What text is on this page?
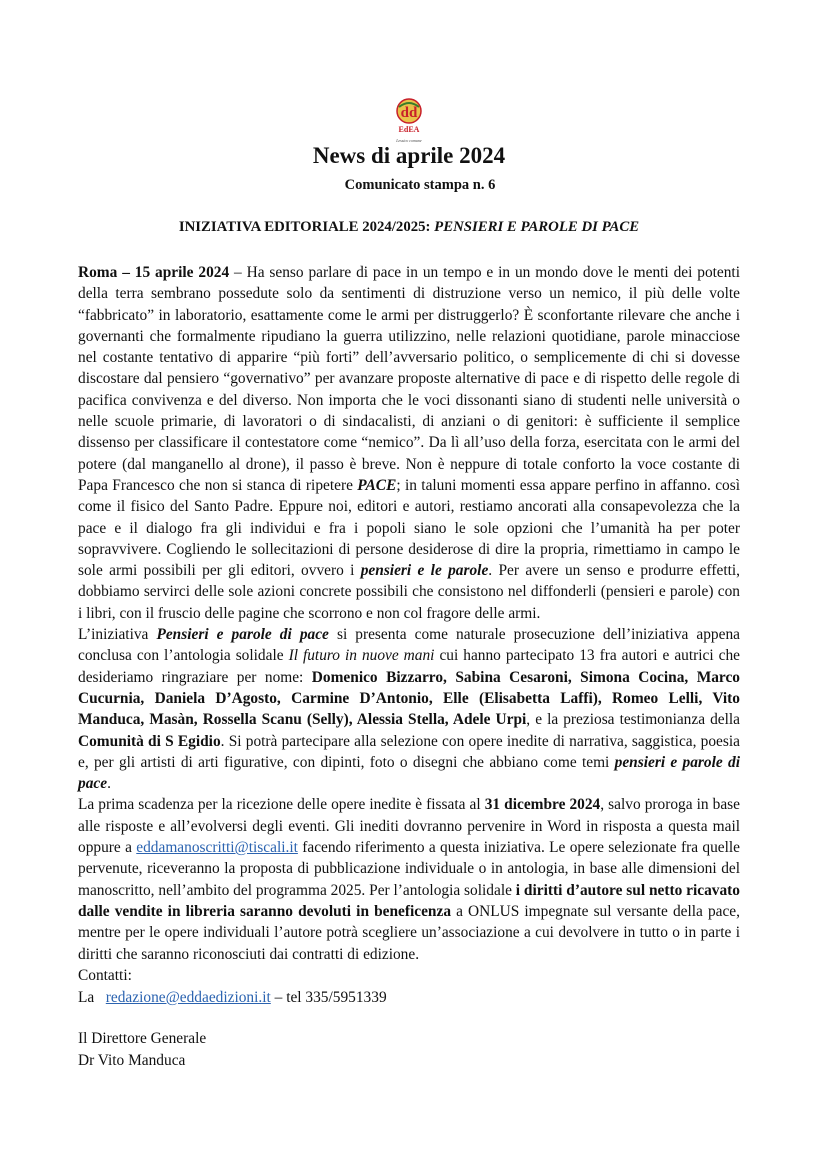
dd
EdEA
Lessico comune
News di aprile 2024
Comunicato stampa n. 6
INIZIATIVA EDITORIALE 2024/2025: PENSIERI E PAROLE DI PACE

Roma – 15 aprile 2024 – Ha senso parlare di pace in un tempo e in un mondo dove le menti dei potenti della terra sembrano possedute solo da sentimenti di distruzione verso un nemico, il più delle volte “fabbricato” in laboratorio, esattamente come le armi per distruggerlo? È sconfortante rilevare che anche i governanti che formalmente ripudiano la guerra utilizzino, nelle relazioni quotidiane, parole minacciose nel costante tentativo di apparire “più forti” dell’avversario politico, o semplicemente di chi si dovesse discostare dal pensiero “governativo” per avanzare proposte alternative di pace e di rispetto delle regole di pacifica convivenza e del diverso. Non importa che le voci dissonanti siano di studenti nelle università o nelle scuole primarie, di lavoratori o di sindacalisti, di anziani o di genitori: è sufficiente il semplice dissenso per classificare il contestatore come “nemico”. Da lì all’uso della forza, esercitata con le armi del potere (dal manganello al drone), il passo è breve. Non è neppure di totale conforto la voce costante di Papa Francesco che non si stanca di ripetere PACE; in taluni momenti essa appare perfino in affanno. così come il fisico del Santo Padre. Eppure noi, editori e autori, restiamo ancorati alla consapevolezza che la pace e il dialogo fra gli individui e fra i popoli siano le sole opzioni che l’umanità ha per poter sopravvivere. Cogliendo le sollecitazioni di persone desiderose di dire la propria, rimettiamo in campo le sole armi possibili per gli editori, ovvero i pensieri e le parole. Per avere un senso e produrre effetti, dobbiamo servirci delle sole azioni concrete possibili che consistono nel diffonderli (pensieri e parole) con i libri, con il fruscio delle pagine che scorrono e non col fragore delle armi.

L’iniziativa Pensieri e parole di pace si presenta come naturale prosecuzione dell’iniziativa appena conclusa con l’antologia solidale Il futuro in nuove mani cui hanno partecipato 13 fra autori e autrici che desideriamo ringraziare per nome: Domenico Bizzarro, Sabina Cesaroni, Simona Cocina, Marco Cucurnia, Daniela D’Agosto, Carmine D’Antonio, Elle (Elisabetta Laffi), Romeo Lelli, Vito Manduca, Masàn, Rossella Scanu (Selly), Alessia Stella, Adele Urpi, e la preziosa testimonianza della Comunità di S Egidio. Si potrà partecipare alla selezione con opere inedite di narrativa, saggistica, poesia e, per gli artisti di arti figurative, con dipinti, foto o disegni che abbiano come temi pensieri e parole di pace.

La prima scadenza per la ricezione delle opere inedite è fissata al 31 dicembre 2024, salvo proroga in base alle risposte e all’evolversi degli eventi. Gli inediti dovranno pervenire in Word in risposta a questa mail oppure a eddamanoscritti@tiscali.it facendo riferimento a questa iniziativa. Le opere selezionate fra quelle pervenute, riceveranno la proposta di pubblicazione individuale o in antologia, in base alle dimensioni del manoscritto, nell’ambito del programma 2025. Per l’antologia solidale i diritti d’autore sul netto ricavato dalle vendite in libreria saranno devoluti in beneficenza a ONLUS impegnate sul versante della pace, mentre per le opere individuali l’autore potrà scegliere un’associazione a cui devolvere in tutto o in parte i diritti che saranno riconosciuti dai contratti di edizione.

Contatti:

La   redazione@eddaedizioni.it – tel 335/5951339

Il Direttore Generale

Dr Vito Manduca
